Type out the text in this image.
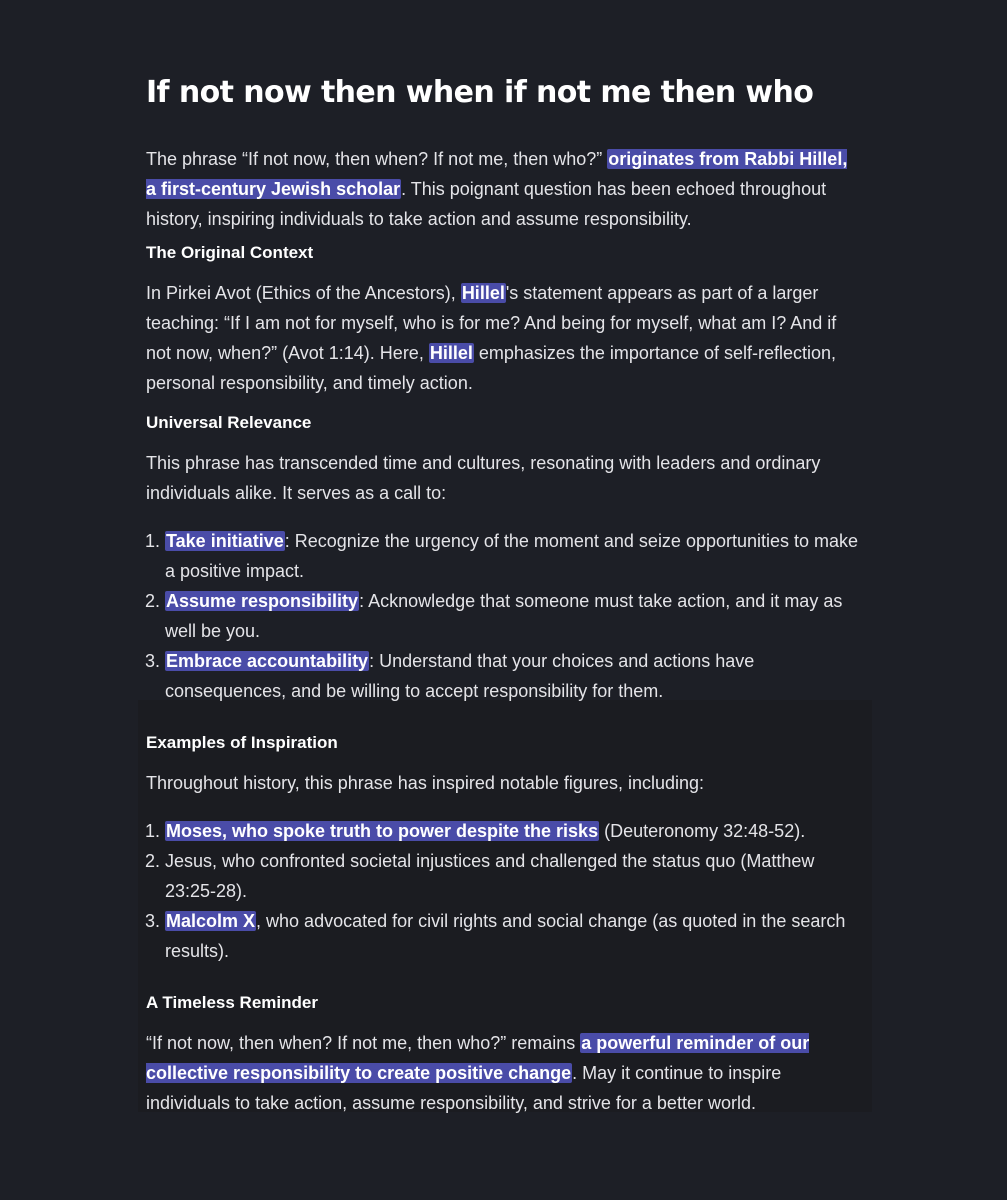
If not now then when if not me then who

The phrase “If not now, then when? If not me, then who?” originates from Rabbi Hillel, a first-century Jewish scholar. This poignant question has been echoed throughout history, inspiring individuals to take action and assume responsibility.

The Original Context

In Pirkei Avot (Ethics of the Ancestors), Hillel's statement appears as part of a larger teaching: “If I am not for myself, who is for me? And being for myself, what am I? And if not now, when?” (Avot 1:14). Here, Hillel emphasizes the importance of self-reflection, personal responsibility, and timely action.

Universal Relevance

This phrase has transcended time and cultures, resonating with leaders and ordinary individuals alike. It serves as a call to:

1. Take initiative: Recognize the urgency of the moment and seize opportunities to make a positive impact.
2. Assume responsibility: Acknowledge that someone must take action, and it may as well be you.
3. Embrace accountability: Understand that your choices and actions have consequences, and be willing to accept responsibility for them.
Examples of Inspiration

Throughout history, this phrase has inspired notable figures, including:

1. Moses, who spoke truth to power despite the risks (Deuteronomy 32:48-52).
2. Jesus, who confronted societal injustices and challenged the status quo (Matthew 23:25-28).
3. Malcolm X, who advocated for civil rights and social change (as quoted in the search results).
A Timeless Reminder

“If not now, then when? If not me, then who?” remains a powerful reminder of our collective responsibility to create positive change. May it continue to inspire individuals to take action, assume responsibility, and strive for a better world.
